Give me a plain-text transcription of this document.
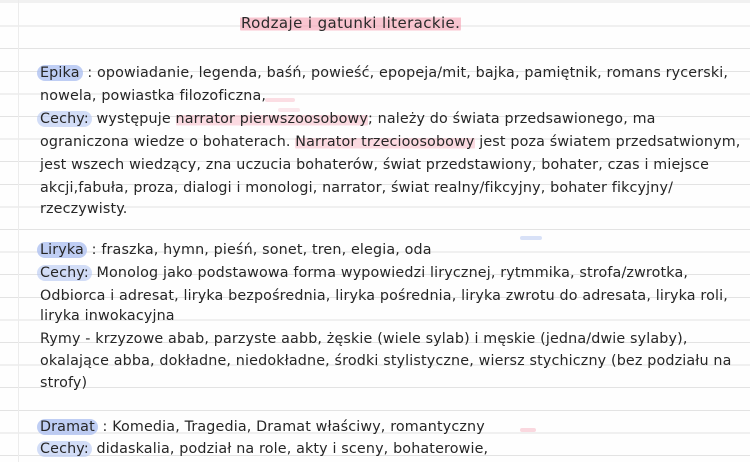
Rodzaje i gatunki literackie.
Epika : opowiadanie, legenda, baśń, powieść, epopeja/mit, bajka, pamiętnik, romans rycerski,
nowela, powiastka filozoficzna,
Cechy: występuje narrator pierwszoosobowy; należy do świata przedsawionego, ma
ograniczona wiedze o bohaterach. Narrator trzecioosobowy jest poza światem przedsatwionym,
jest wszech wiedzący, zna uczucia bohaterów, świat przedstawiony, bohater, czas i miejsce
akcji,fabuła, proza, dialogi i monologi, narrator, świat realny/fikcyjny, bohater fikcyjny/
rzeczywisty.
Liryka : fraszka, hymn, pieśń, sonet, tren, elegia, oda
Cechy: Monolog jako podstawowa forma wypowiedzi lirycznej, rytmmika, strofa/zwrotka,
Odbiorca i adresat, liryka bezpośrednia, liryka pośrednia, liryka zwrotu do adresata, liryka roli,
liryka inwokacyjna
Rymy - krzyzowe abab, parzyste aabb, żęskie (wiele sylab) i męskie (jedna/dwie sylaby),
okalające abba, dokładne, niedokładne, środki stylistyczne, wiersz stychiczny (bez podziału na
strofy)
Dramat : Komedia, Tragedia, Dramat właściwy, romantyczny
Cechy: didaskalia, podział na role, akty i sceny, bohaterowie,
